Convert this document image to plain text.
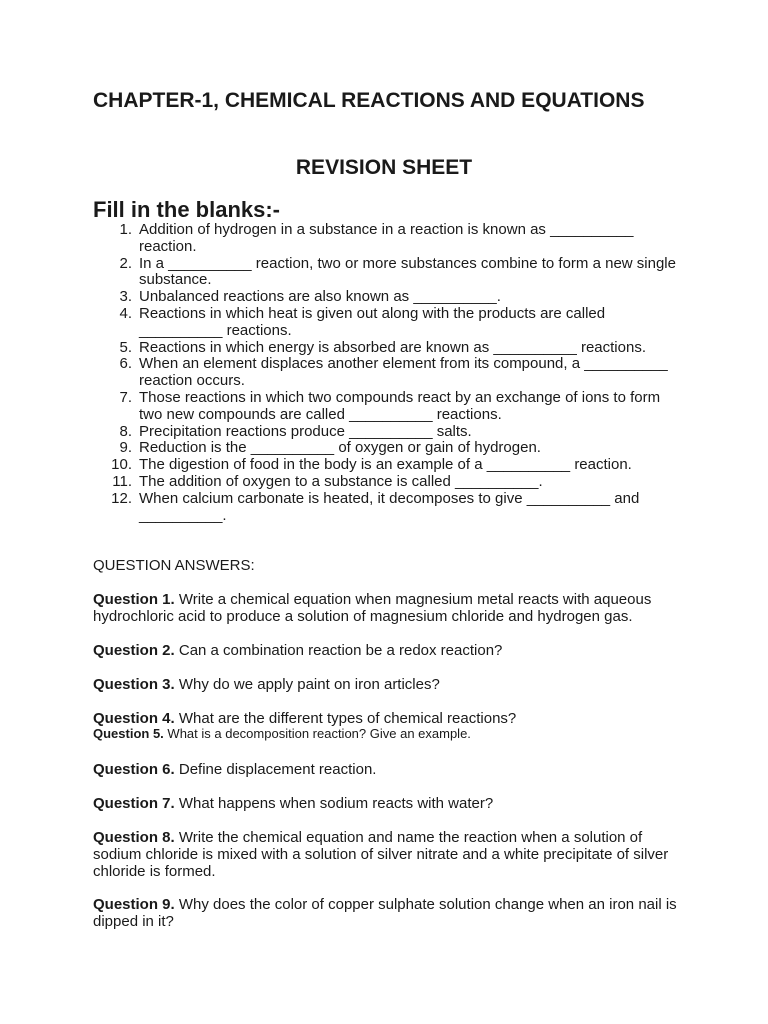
CHAPTER-1, CHEMICAL REACTIONS AND EQUATIONS
REVISION SHEET
Fill in the blanks:-
1. Addition of hydrogen in a substance in a reaction is known as __________ reaction.
2. In a __________ reaction, two or more substances combine to form a new single substance.
3. Unbalanced reactions are also known as __________.
4. Reactions in which heat is given out along with the products are called __________ reactions.
5. Reactions in which energy is absorbed are known as __________ reactions.
6. When an element displaces another element from its compound, a __________ reaction occurs.
7. Those reactions in which two compounds react by an exchange of ions to form two new compounds are called __________ reactions.
8. Precipitation reactions produce __________ salts.
9. Reduction is the __________ of oxygen or gain of hydrogen.
10. The digestion of food in the body is an example of a __________ reaction.
11. The addition of oxygen to a substance is called __________.
12. When calcium carbonate is heated, it decomposes to give __________ and __________.
QUESTION ANSWERS:

Question 1. Write a chemical equation when magnesium metal reacts with aqueous hydrochloric acid to produce a solution of magnesium chloride and hydrogen gas.

Question 2. Can a combination reaction be a redox reaction?

Question 3. Why do we apply paint on iron articles?

Question 4. What are the different types of chemical reactions?

Question 5. What is a decomposition reaction? Give an example.

Question 6. Define displacement reaction.

Question 7. What happens when sodium reacts with water?

Question 8. Write the chemical equation and name the reaction when a solution of sodium chloride is mixed with a solution of silver nitrate and a white precipitate of silver chloride is formed.

Question 9. Why does the color of copper sulphate solution change when an iron nail is dipped in it?
